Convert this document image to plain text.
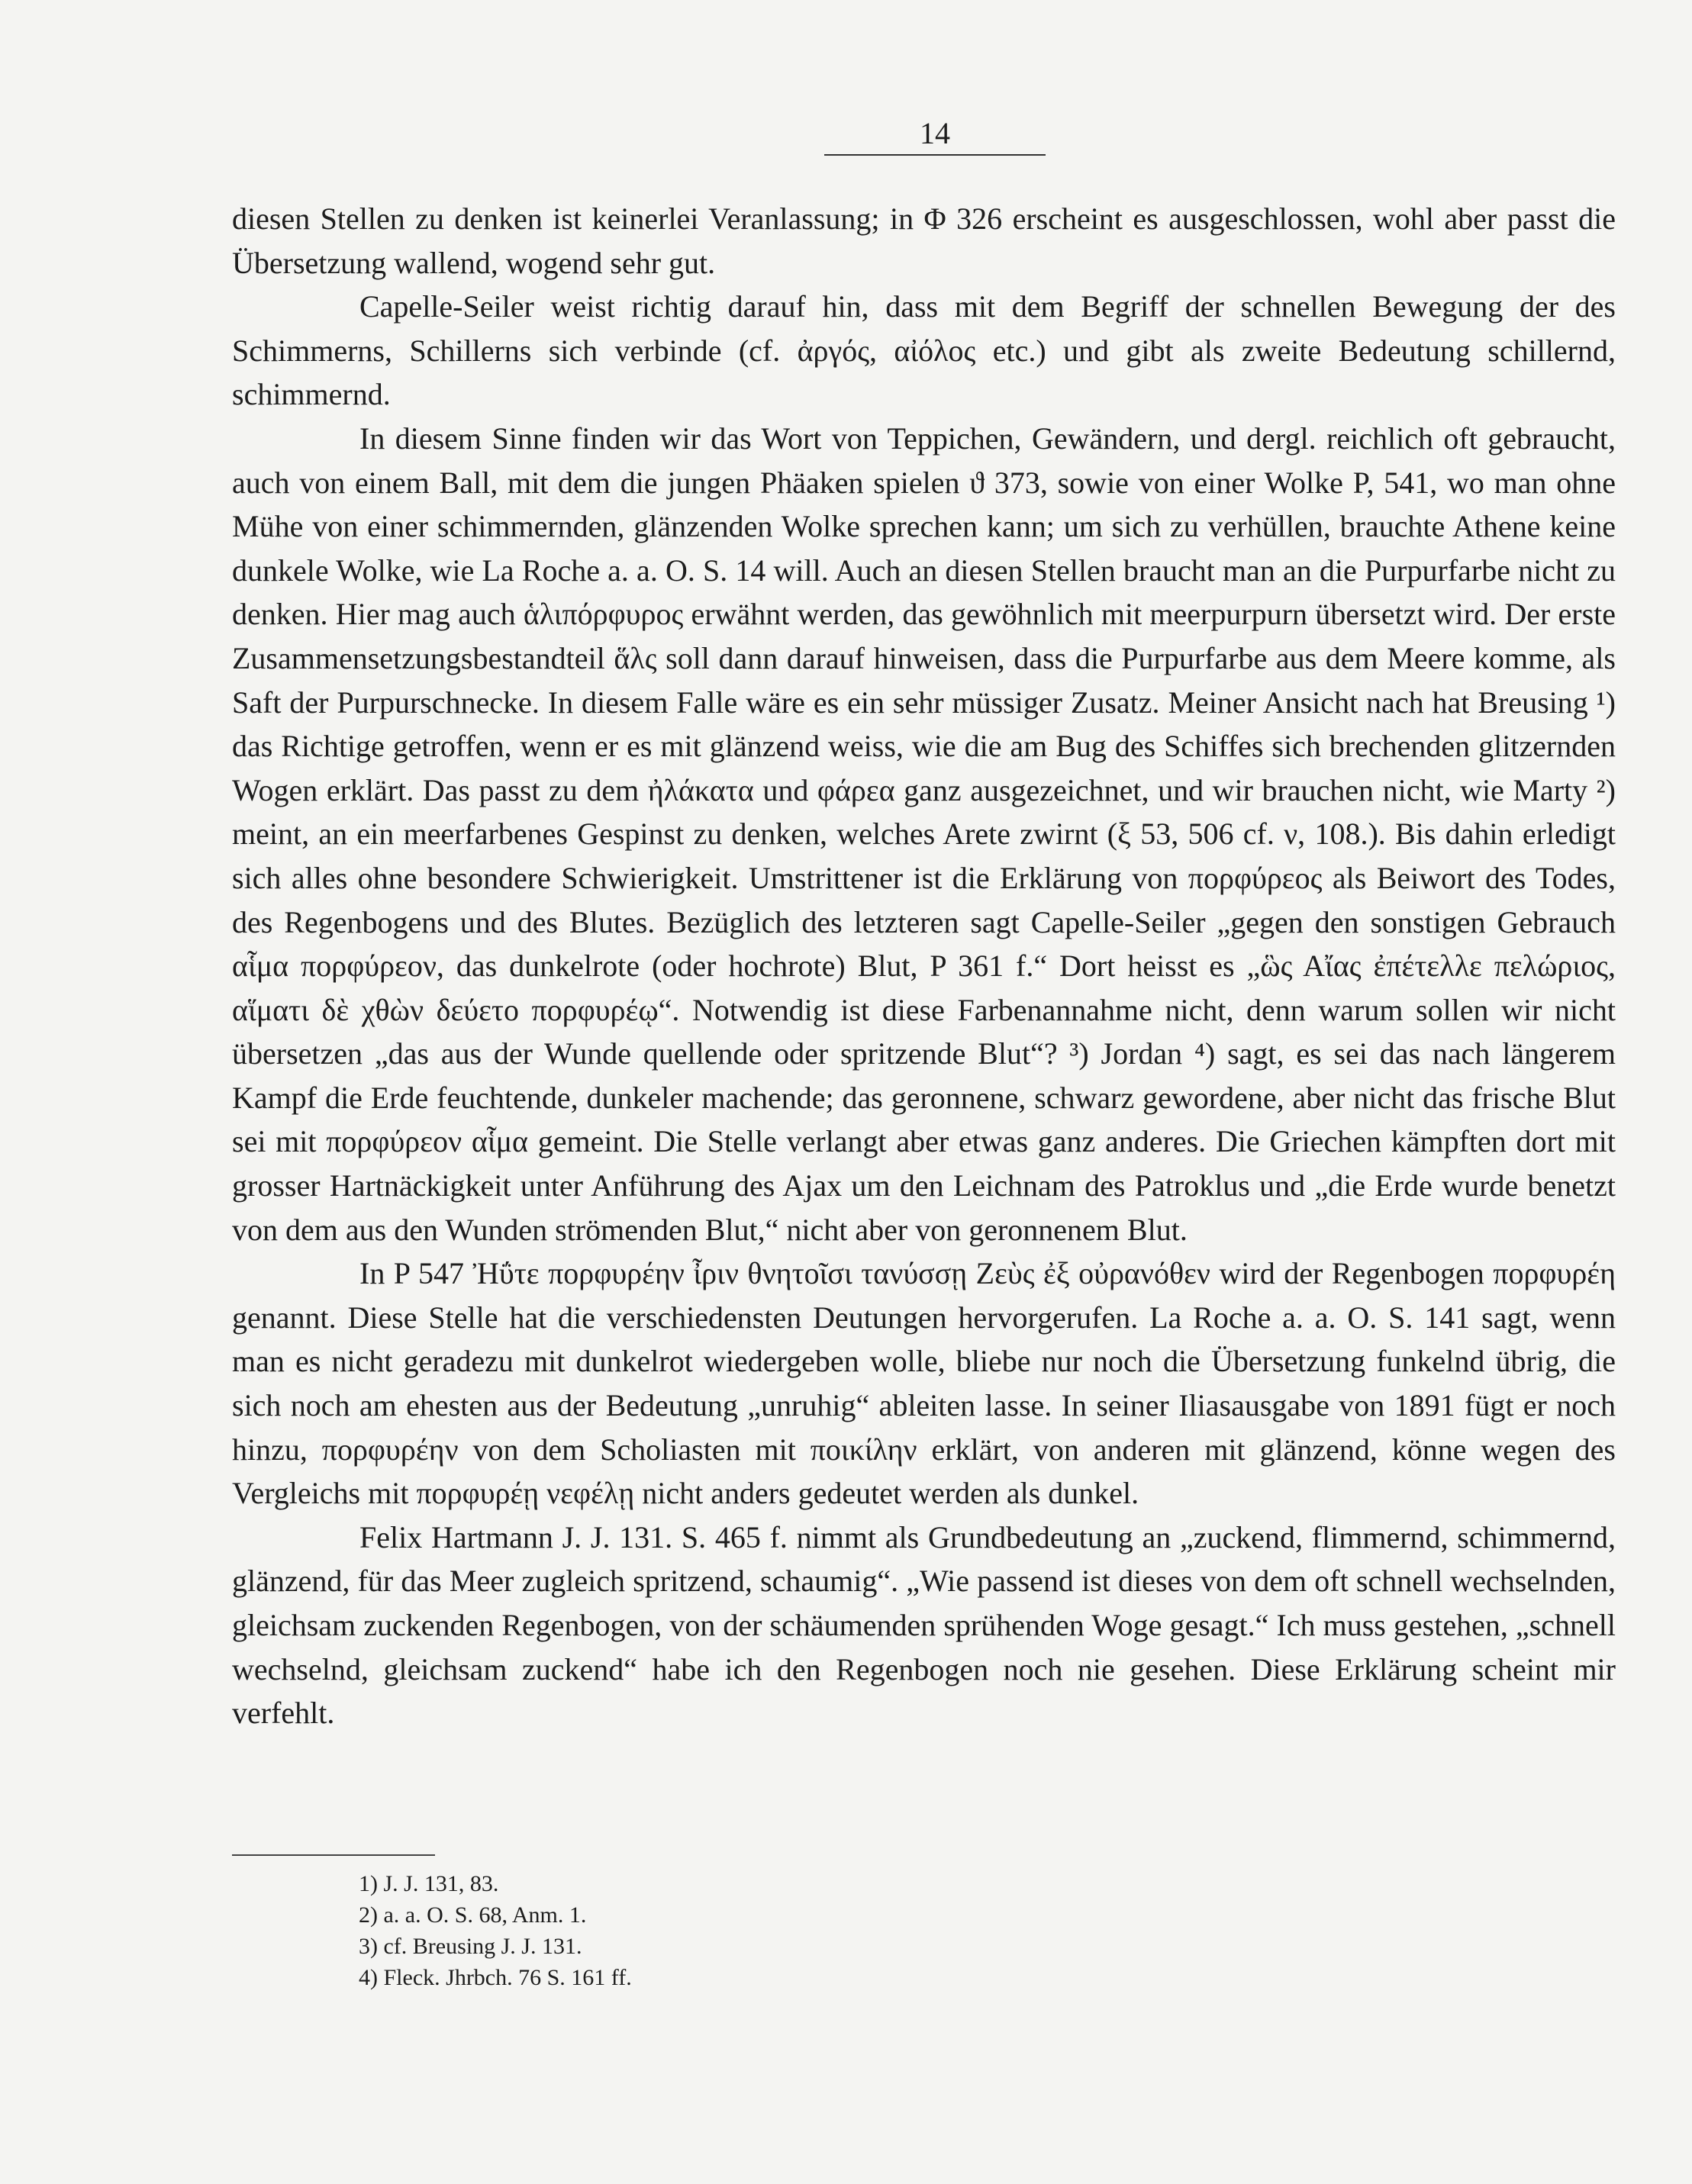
14

diesen Stellen zu denken ist keinerlei Veranlassung; in Φ 326 erscheint es ausgeschlossen, wohl aber passt die Übersetzung wallend, wogend sehr gut.

Capelle-Seiler weist richtig darauf hin, dass mit dem Begriff der schnellen Bewegung der des Schimmerns, Schillerns sich verbinde (cf. ἀργός, αἰόλος etc.) und gibt als zweite Bedeutung schillernd, schimmernd.

In diesem Sinne finden wir das Wort von Teppichen, Gewändern, und dergl. reichlich oft gebraucht, auch von einem Ball, mit dem die jungen Phäaken spielen ϑ 373, sowie von einer Wolke P, 541, wo man ohne Mühe von einer schimmernden, glänzenden Wolke sprechen kann; um sich zu verhüllen, brauchte Athene keine dunkele Wolke, wie La Roche a. a. O. S. 14 will. Auch an diesen Stellen braucht man an die Purpurfarbe nicht zu denken. Hier mag auch ἁλιπόρφυρος erwähnt werden, das gewöhnlich mit meerpurpurn übersetzt wird. Der erste Zusammensetzungsbestandteil ἅλς soll dann darauf hinweisen, dass die Purpurfarbe aus dem Meere komme, als Saft der Purpurschnecke. In diesem Falle wäre es ein sehr müssiger Zusatz. Meiner Ansicht nach hat Breusing ¹) das Richtige getroffen, wenn er es mit glänzend weiss, wie die am Bug des Schiffes sich brechenden glitzernden Wogen erklärt. Das passt zu dem ἠλάκατα und φάρεα ganz ausgezeichnet, und wir brauchen nicht, wie Marty ²) meint, an ein meerfarbenes Gespinst zu denken, welches Arete zwirnt (ξ 53, 506 cf. ν, 108.). Bis dahin erledigt sich alles ohne besondere Schwierigkeit. Umstrittener ist die Erklärung von πορφύρεος als Beiwort des Todes, des Regenbogens und des Blutes. Bezüglich des letzteren sagt Capelle-Seiler „gegen den sonstigen Gebrauch αἷμα πορφύρεον, das dunkelrote (oder hochrote) Blut, P 361 f.“ Dort heisst es „ὣς Αἴας ἐπέτελλε πελώριος, αἵματι δὲ χθὼν δεύετο πορφυρέῳ“. Notwendig ist diese Farbenannahme nicht, denn warum sollen wir nicht übersetzen „das aus der Wunde quellende oder spritzende Blut“? ³) Jordan ⁴) sagt, es sei das nach längerem Kampf die Erde feuchtende, dunkeler machende; das geronnene, schwarz gewordene, aber nicht das frische Blut sei mit πορφύρεον αἷμα gemeint. Die Stelle verlangt aber etwas ganz anderes. Die Griechen kämpften dort mit grosser Hartnäckigkeit unter Anführung des Ajax um den Leichnam des Patroklus und „die Erde wurde benetzt von dem aus den Wunden strömenden Blut,“ nicht aber von geronnenem Blut.

In P 547 Ἠΰτε πορφυρέην ἶριν θνητοῖσι τανύσσῃ Ζεὺς ἐξ οὐρανόθεν wird der Regenbogen πορφυρέη genannt. Diese Stelle hat die verschiedensten Deutungen hervorgerufen. La Roche a. a. O. S. 141 sagt, wenn man es nicht geradezu mit dunkelrot wiedergeben wolle, bliebe nur noch die Übersetzung funkelnd übrig, die sich noch am ehesten aus der Bedeutung „unruhig“ ableiten lasse. In seiner Iliasausgabe von 1891 fügt er noch hinzu, πορφυρέην von dem Scholiasten mit ποικίλην erklärt, von anderen mit glänzend, könne wegen des Vergleichs mit πορφυρέῃ νεφέλῃ nicht anders gedeutet werden als dunkel.

Felix Hartmann J. J. 131. S. 465 f. nimmt als Grundbedeutung an „zuckend, flimmernd, schimmernd, glänzend, für das Meer zugleich spritzend, schaumig“. „Wie passend ist dieses von dem oft schnell wechselnden, gleichsam zuckenden Regenbogen, von der schäumenden sprühenden Woge gesagt.“ Ich muss gestehen, „schnell wechselnd, gleichsam zuckend“ habe ich den Regenbogen noch nie gesehen. Diese Erklärung scheint mir verfehlt.

1) J. J. 131, 83.
2) a. a. O. S. 68, Anm. 1.
3) cf. Breusing J. J. 131.
4) Fleck. Jhrbch. 76 S. 161 ff.
